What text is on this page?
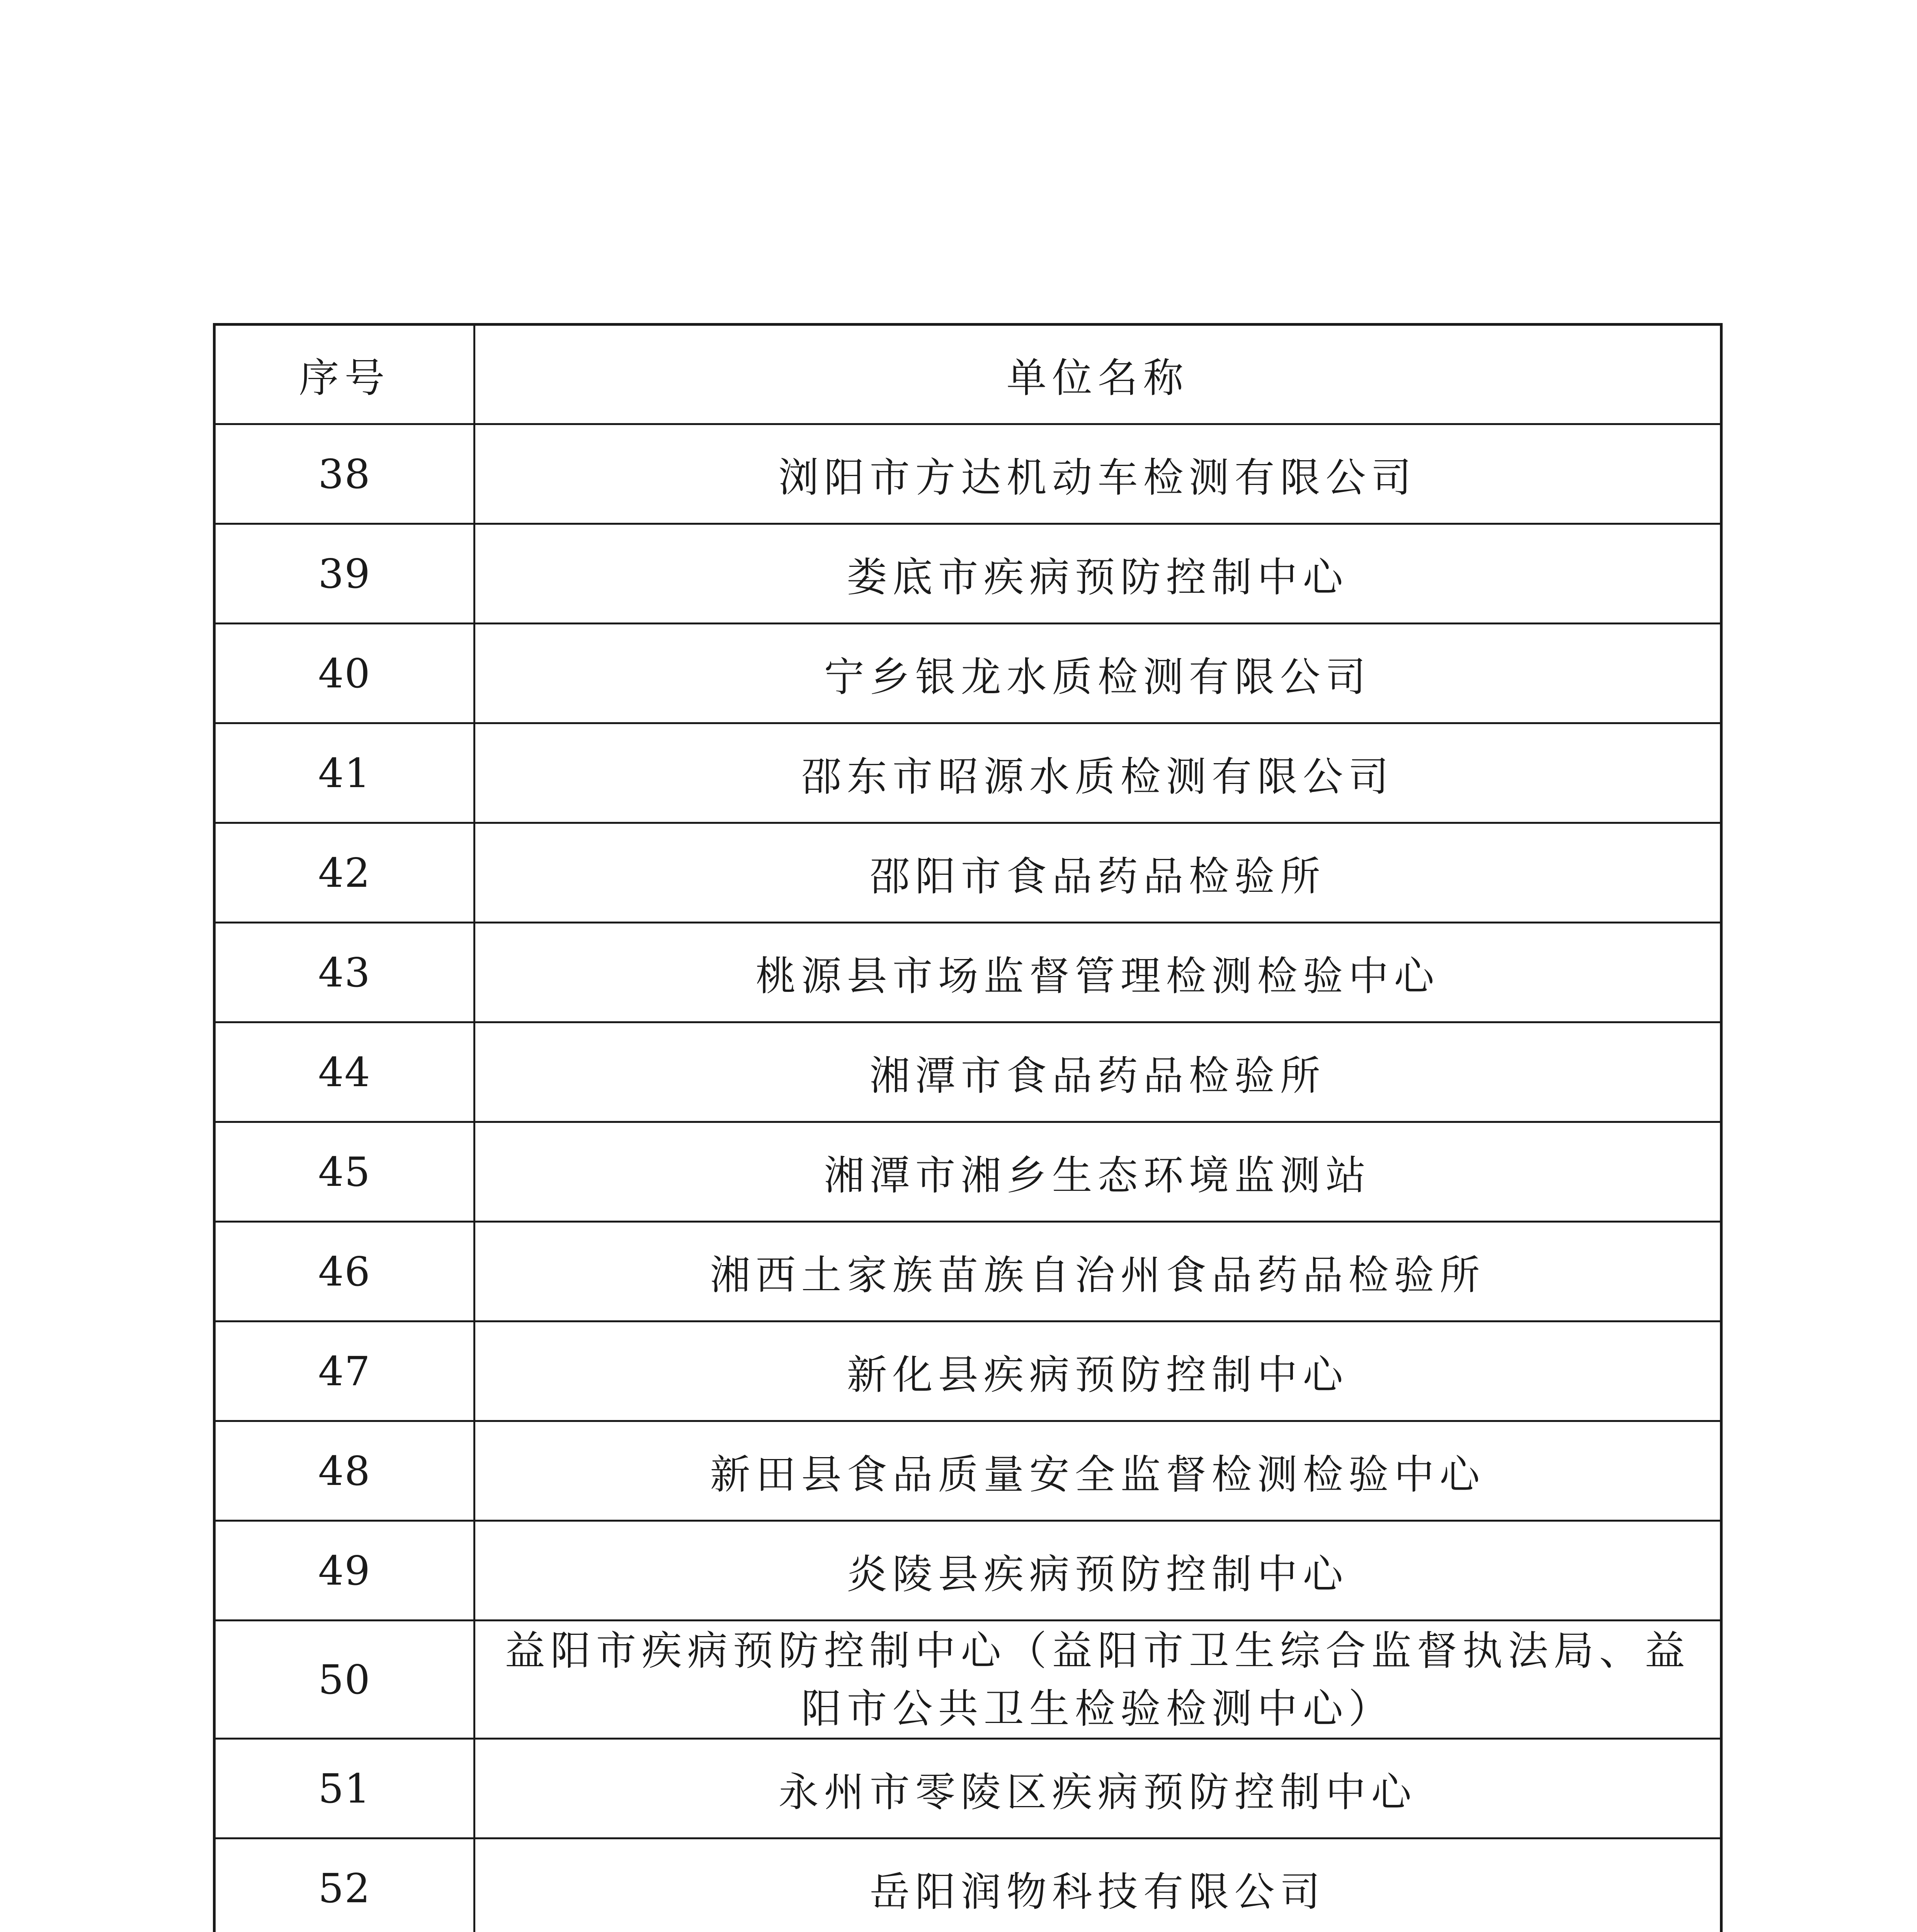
序号	单位名称
38	浏阳市方达机动车检测有限公司
39	娄底市疾病预防控制中心
40	宁乡银龙水质检测有限公司
41	邵东市昭源水质检测有限公司
42	邵阳市食品药品检验所
43	桃源县市场监督管理检测检验中心
44	湘潭市食品药品检验所
45	湘潭市湘乡生态环境监测站
46	湘西土家族苗族自治州食品药品检验所
47	新化县疾病预防控制中心
48	新田县食品质量安全监督检测检验中心
49	炎陵县疾病预防控制中心
50	益阳市疾病预防控制中心（益阳市卫生综合监督执法局、益阳市公共卫生检验检测中心）
51	永州市零陵区疾病预防控制中心
52	岳阳润物科技有限公司
